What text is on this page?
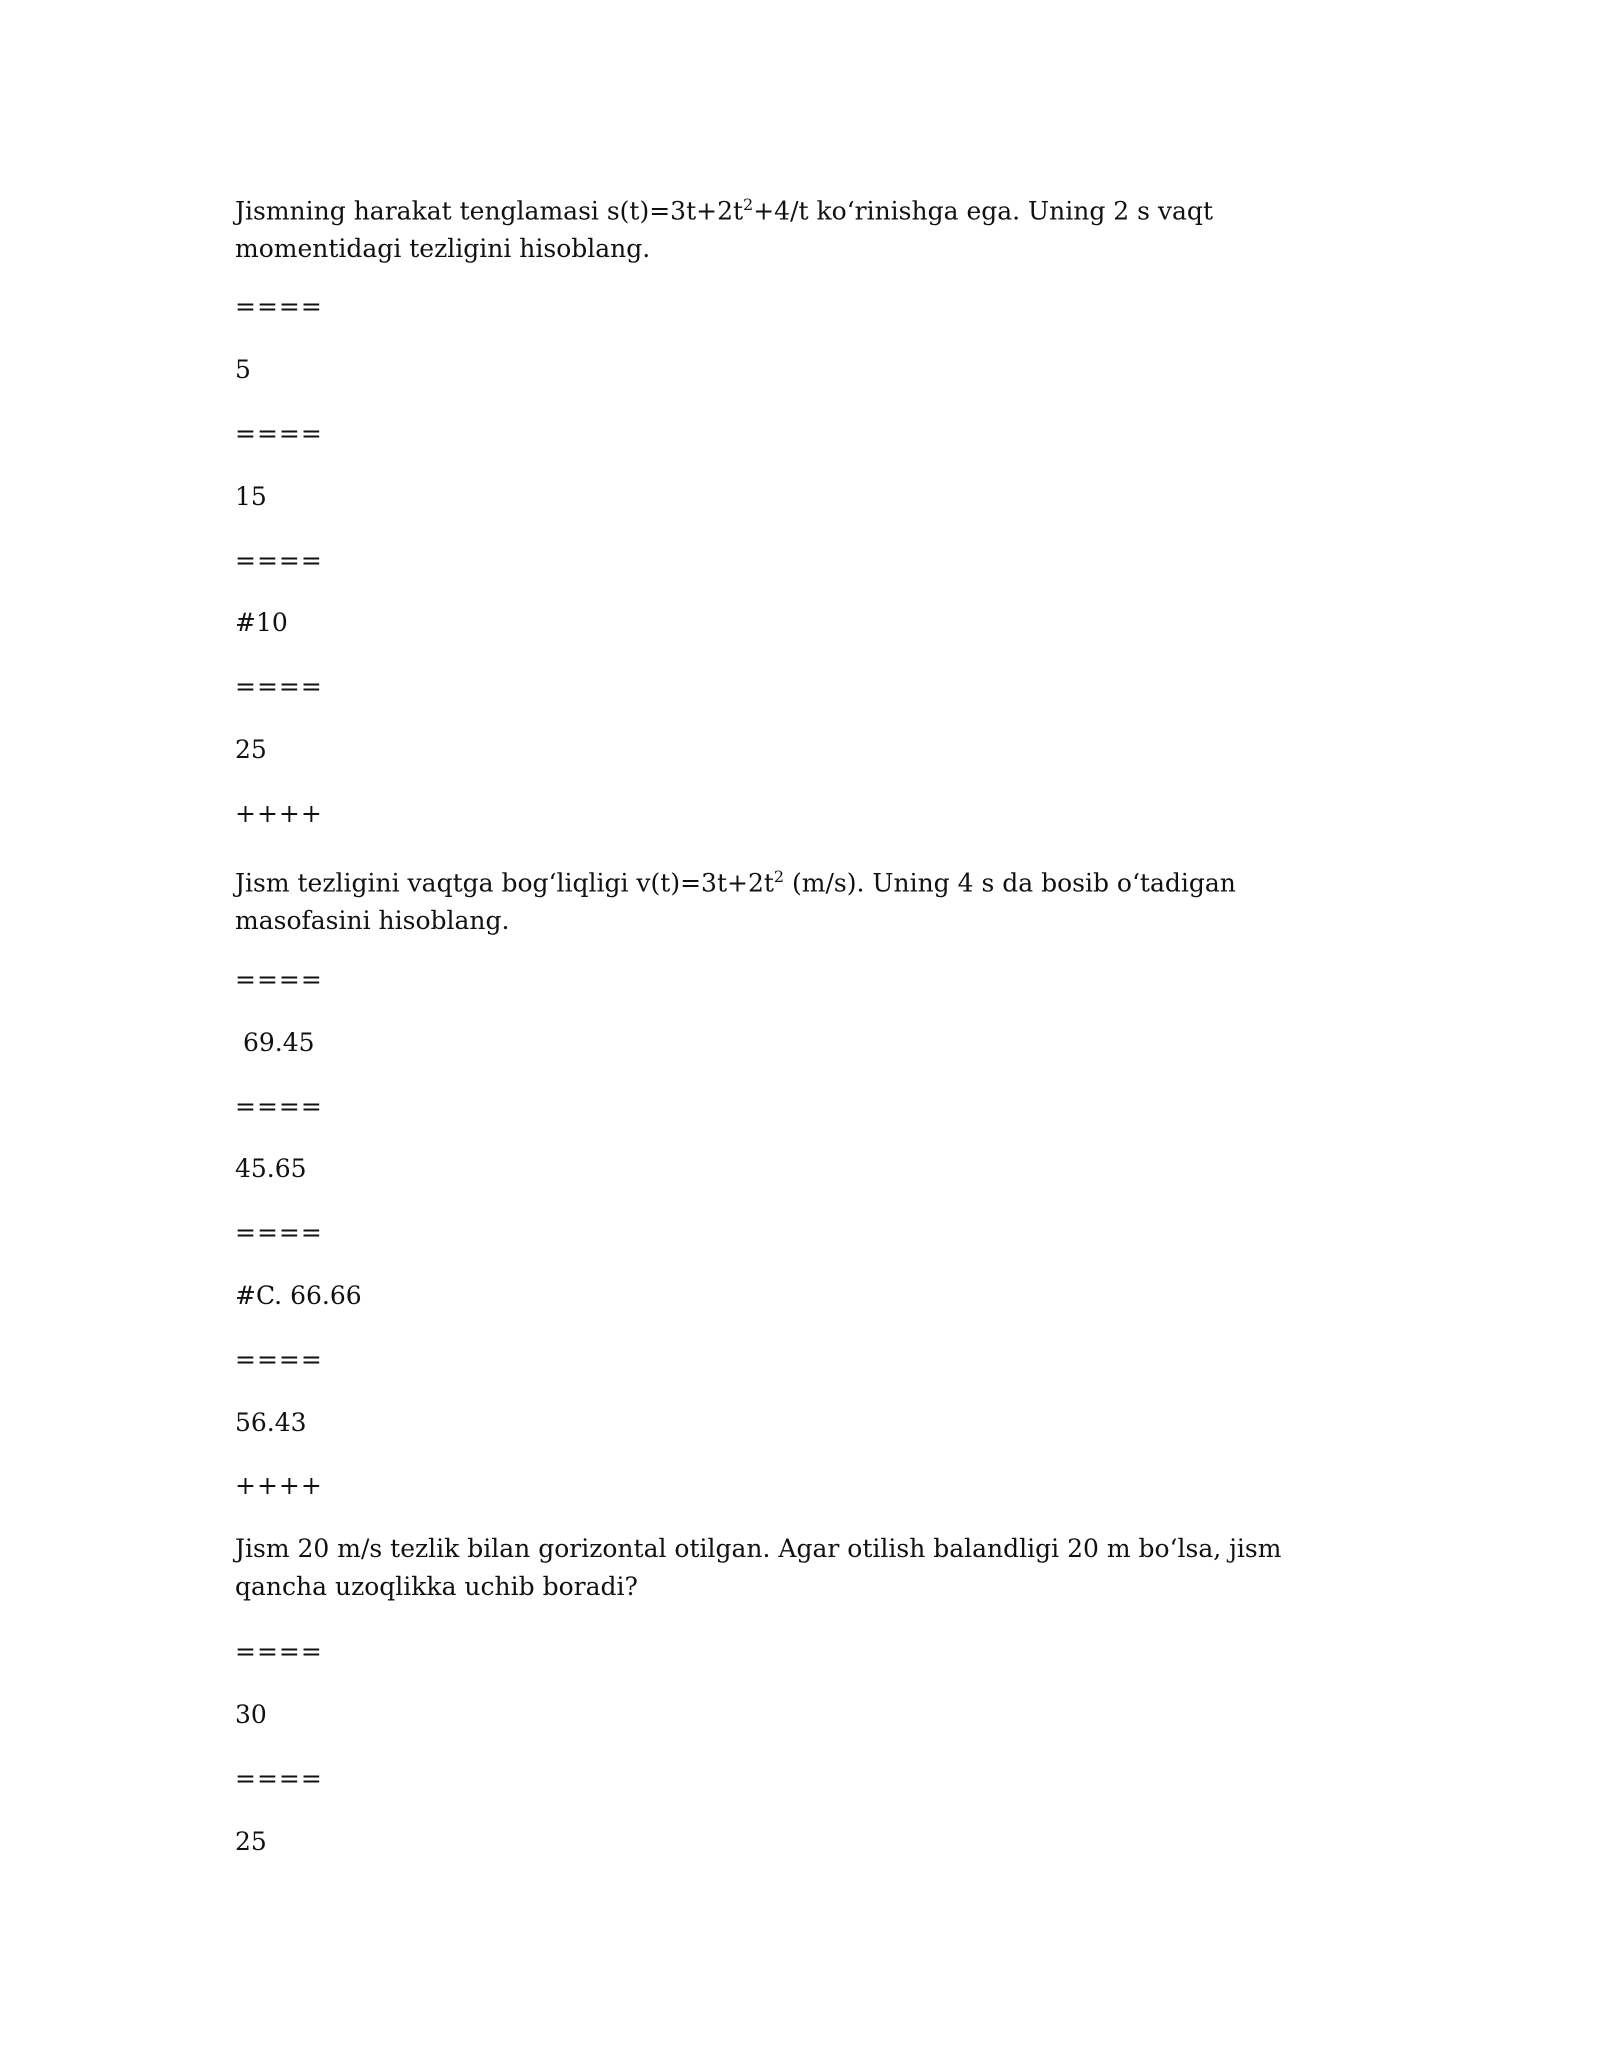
Jismning harakat tenglamasi $s(t)=3t+2t^2+4/t$ ko‘rinishga ega. Uning 2 s vaqt momentidagi tezligini hisoblang.
====
5
====
15
====
#10
====
25
++++
Jism tezligini vaqtga bog‘liqligi $v(t)=3t+2t^2$ (m/s). Uning 4 s da bosib o‘tadigan masofasini hisoblang.
====
69.45
====
45.65
====
#C. 66.66
====
56.43
++++
Jism 20 m/s tezlik bilan gorizontal otilgan. Agar otilish balandligi 20 m bo‘lsa, jism qancha uzoqlikka uchib boradi?
====
30
====
25
